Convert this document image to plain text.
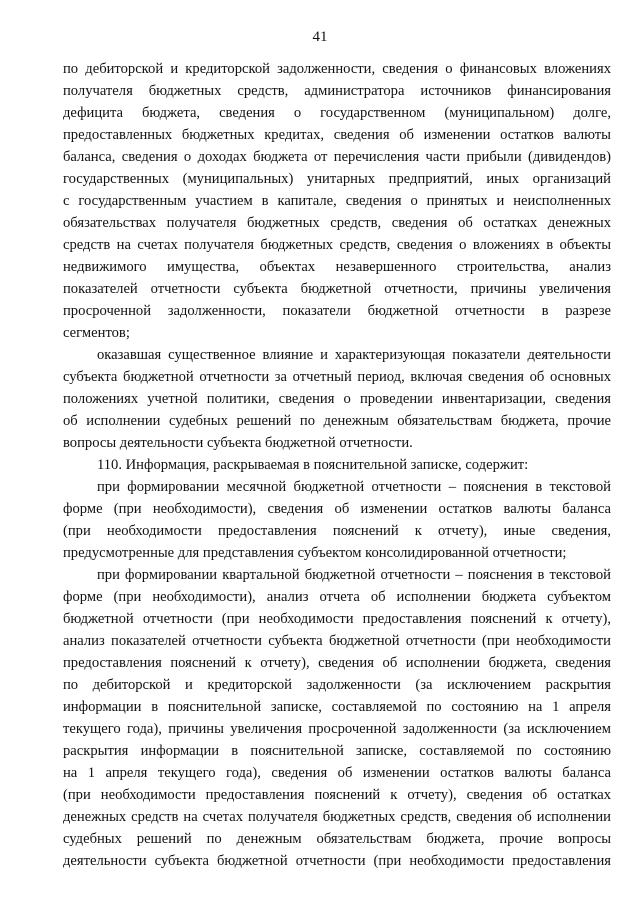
41
по дебиторской и кредиторской задолженности, сведения о финансовых вложениях
получателя бюджетных средств, администратора источников финансирования
дефицита бюджета, сведения о государственном (муниципальном) долге,
предоставленных бюджетных кредитах, сведения об изменении остатков валюты
баланса, сведения о доходах бюджета от перечисления части прибыли (дивидендов)
государственных (муниципальных) унитарных предприятий, иных организаций
с государственным участием в капитале, сведения о принятых и неисполненных
обязательствах получателя бюджетных средств, сведения об остатках денежных
средств на счетах получателя бюджетных средств, сведения о вложениях в объекты
недвижимого имущества, объектах незавершенного строительства, анализ
показателей отчетности субъекта бюджетной отчетности, причины увеличения
просроченной задолженности, показатели бюджетной отчетности в разрезе
сегментов;
оказавшая существенное влияние и характеризующая показатели деятельности
субъекта бюджетной отчетности за отчетный период, включая сведения об основных
положениях учетной политики, сведения о проведении инвентаризации, сведения
об исполнении судебных решений по денежным обязательствам бюджета, прочие
вопросы деятельности субъекта бюджетной отчетности.
110. Информация, раскрываемая в пояснительной записке, содержит:
при формировании месячной бюджетной отчетности – пояснения в текстовой
форме (при необходимости), сведения об изменении остатков валюты баланса
(при необходимости предоставления пояснений к отчету), иные сведения,
предусмотренные для представления субъектом консолидированной отчетности;
при формировании квартальной бюджетной отчетности – пояснения в текстовой
форме (при необходимости), анализ отчета об исполнении бюджета субъектом
бюджетной отчетности (при необходимости предоставления пояснений к отчету),
анализ показателей отчетности субъекта бюджетной отчетности (при необходимости
предоставления пояснений к отчету), сведения об исполнении бюджета, сведения
по дебиторской и кредиторской задолженности (за исключением раскрытия
информации в пояснительной записке, составляемой по состоянию на 1 апреля
текущего года), причины увеличения просроченной задолженности (за исключением
раскрытия информации в пояснительной записке, составляемой по состоянию
на 1 апреля текущего года), сведения об изменении остатков валюты баланса
(при необходимости предоставления пояснений к отчету), сведения об остатках
денежных средств на счетах получателя бюджетных средств, сведения об исполнении
судебных решений по денежным обязательствам бюджета, прочие вопросы
деятельности субъекта бюджетной отчетности (при необходимости предоставления
